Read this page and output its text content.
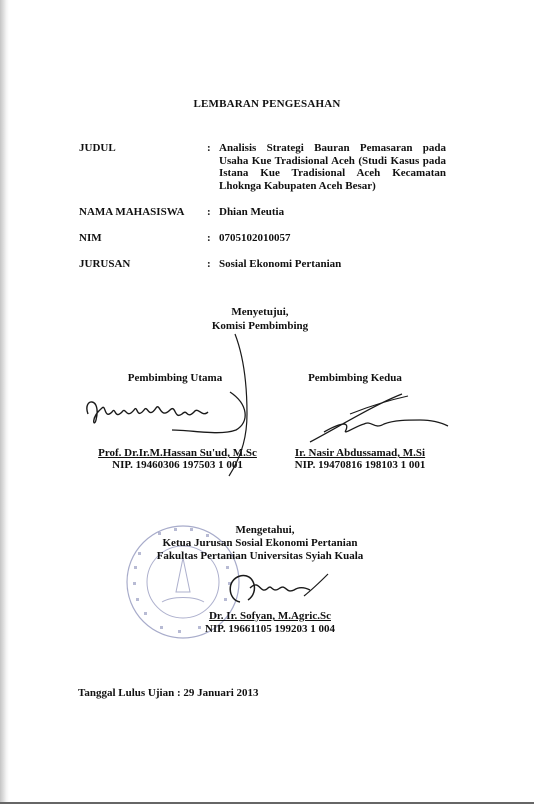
LEMBARAN PENGESAHAN
JUDUL	: Analisis Strategi Bauran Pemasaran pada Usaha Kue Tradisional Aceh (Studi Kasus pada Istana Kue Tradisional Aceh Kecamatan Lhoknga Kabupaten Aceh Besar)
NAMA MAHASISWA : Dhian Meutia
NIM	: 0705102010057
JURUSAN	: Sosial Ekonomi Pertanian
Menyetujui,
Komisi Pembimbing
Pembimbing Utama	Pembimbing Kedua
Prof. Dr.Ir.M.Hassan Su'ud, M.Sc
NIP. 19460306 197503 1 001
Ir. Nasir Abdussamad, M.Si
NIP. 19470816 198103 1 001
Mengetahui,
Ketua Jurusan Sosial Ekonomi Pertanian
Fakultas Pertanian Universitas Syiah Kuala
Dr. Ir. Sofyan, M.Agric.Sc
NIP. 19661105 199203 1 004
Tanggal Lulus Ujian : 29 Januari 2013
